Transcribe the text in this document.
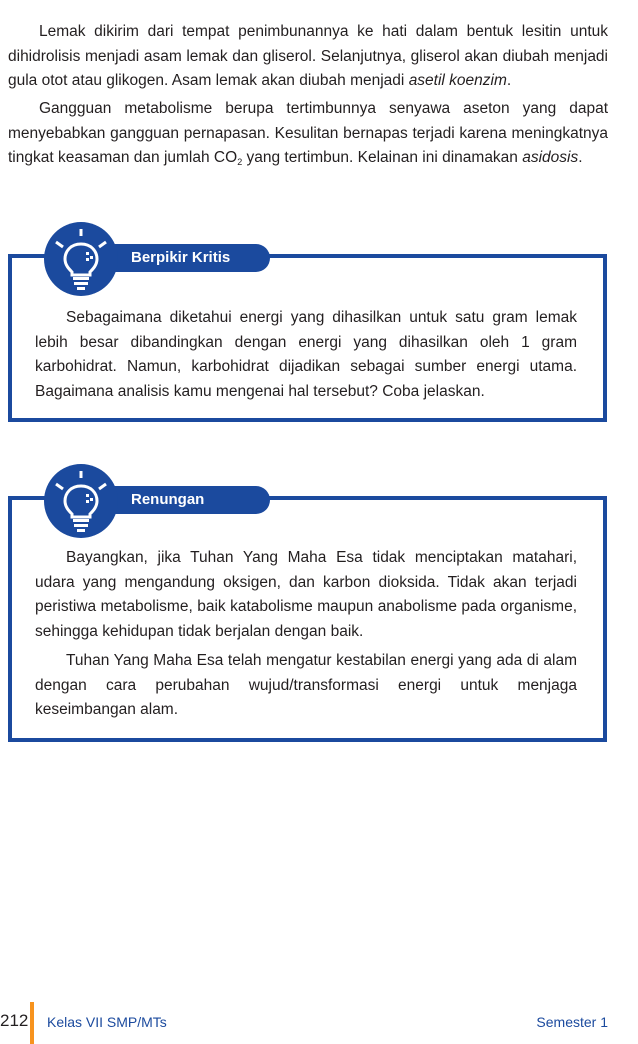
Lemak dikirim dari tempat penimbunannya ke hati dalam bentuk lesitin untuk dihidrolisis menjadi asam lemak dan gliserol. Selanjutnya, gliserol akan diubah menjadi gula otot atau glikogen. Asam lemak akan diubah menjadi asetil koenzim.

Gangguan metabolisme berupa tertimbunnya senyawa aseton yang dapat menyebabkan gangguan pernapasan. Kesulitan bernapas terjadi karena meningkatnya tingkat keasaman dan jumlah $CO_2$ yang tertimbun. Kelainan ini dinamakan asidosis.

Berpikir Kritis

Sebagaimana diketahui energi yang dihasilkan untuk satu gram lemak lebih besar dibandingkan dengan energi yang dihasilkan oleh 1 gram karbohidrat. Namun, karbohidrat dijadikan sebagai sumber energi utama. Bagaimana analisis kamu mengenai hal tersebut? Coba jelaskan.

Renungan

Bayangkan, jika Tuhan Yang Maha Esa tidak menciptakan matahari, udara yang mengandung oksigen, dan karbon dioksida. Tidak akan terjadi peristiwa metabolisme, baik katabolisme maupun anabolisme pada organisme, sehingga kehidupan tidak berjalan dengan baik.

Tuhan Yang Maha Esa telah mengatur kestabilan energi yang ada di alam dengan cara perubahan wujud/transformasi energi untuk menjaga keseimbangan alam.

212 Kelas VII SMP/MTs	Semester 1
